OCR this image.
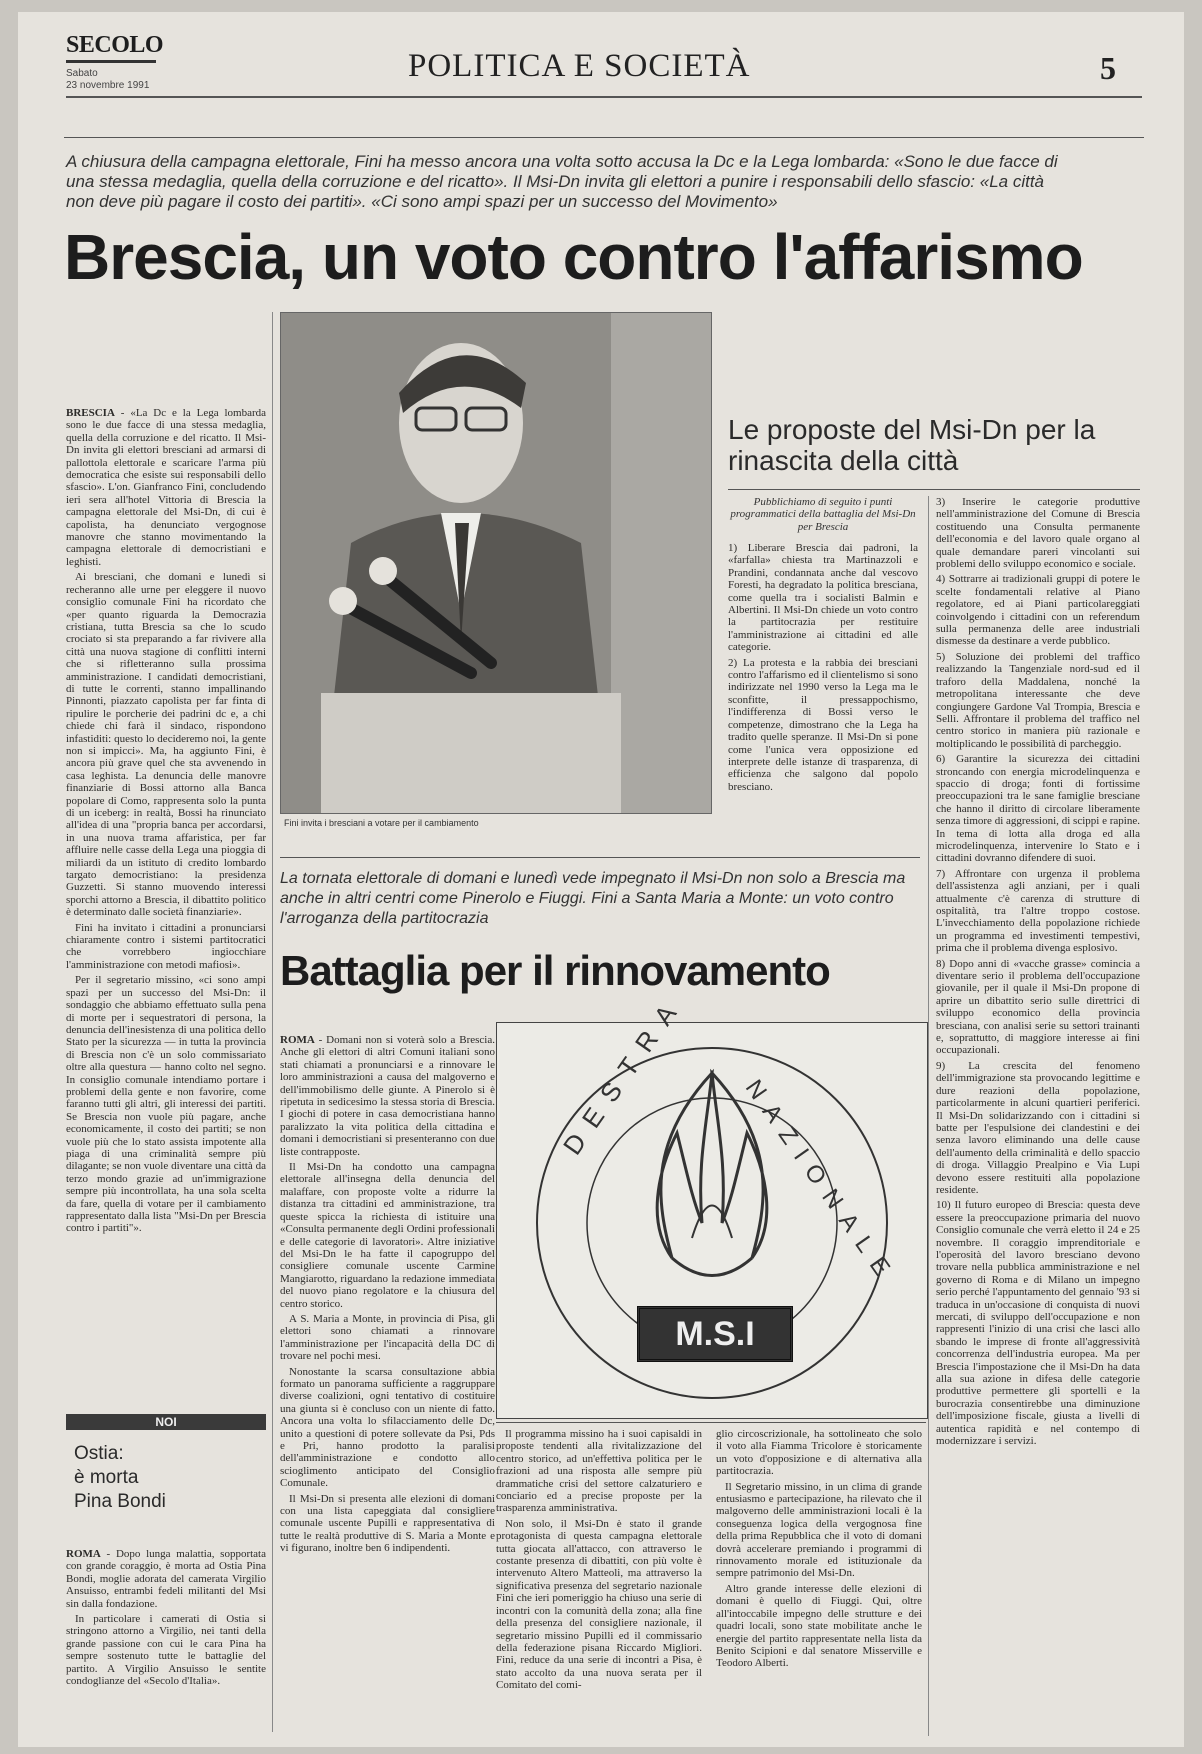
SECOLO
Sabato
23 novembre 1991
POLITICA E SOCIETÀ	5
A chiusura della campagna elettorale, Fini ha messo ancora una volta sotto accusa la Dc e la Lega lombarda: «Sono le due facce di una stessa medaglia, quella della corruzione e del ricatto». Il Msi-Dn invita gli elettori a punire i responsabili dello sfascio: «La città non deve più pagare il costo dei partiti». «Ci sono ampi spazi per un successo del Movimento»
Brescia, un voto contro l'affarismo

BRESCIA - «La Dc e la Lega lombarda sono le due facce di una stessa medaglia, quella della corruzione e del ricatto. Il Msi-Dn invita gli elettori bresciani ad armarsi di pallottola elettorale e scaricare l'arma più democratica che esiste sui responsabili dello sfascio». L'on. Gianfranco Fini, concludendo ieri sera all'hotel Vittoria di Brescia la campagna elettorale del Msi-Dn, di cui è capolista, ha denunciato vergognose manovre che stanno movimentando la campagna elettorale di democristiani e leghisti.

Ai bresciani, che domani e lunedì si recheranno alle urne per eleggere il nuovo consiglio comunale Fini ha ricordato che «per quanto riguarda la Democrazia cristiana, tutta Brescia sa che lo scudo crociato si sta preparando a far rivivere alla città una nuova stagione di conflitti interni che si rifletteranno sulla prossima amministrazione. I candidati democristiani, di tutte le correnti, stanno impallinando Pinnonti, piazzato capolista per far finta di ripulire le porcherie dei padrini dc e, a chi chiede chi farà il sindaco, rispondono infastiditi: questo lo decideremo noi, la gente non si impicci». Ma, ha aggiunto Fini, è ancora più grave quel che sta avvenendo in casa leghista. La denuncia delle manovre finanziarie di Bossi attorno alla Banca popolare di Como, rappresenta solo la punta di un iceberg: in realtà, Bossi ha rinunciato all'idea di una "propria banca per accordarsi, in una nuova trama affaristica, per far affluire nelle casse della Lega una pioggia di miliardi da un istituto di credito lombardo targato democristiano: la presidenza Guzzetti. Si stanno muovendo interessi sporchi attorno a Brescia, il dibattito politico è determinato dalle società finanziarie».

Fini ha invitato i cittadini a pronunciarsi chiaramente contro i sistemi partitocratici che vorrebbero ingiocchiare l'amministrazione con metodi mafiosi».

Per il segretario missino, «ci sono ampi spazi per un successo del Msi-Dn: il sondaggio che abbiamo effettuato sulla pena di morte per i sequestratori di persona, la denuncia dell'inesistenza di una politica dello Stato per la sicurezza — in tutta la provincia di Brescia non c'è un solo commissariato oltre alla questura — hanno colto nel segno. In consiglio comunale intendiamo portare i problemi della gente e non favorire, come faranno tutti gli altri, gli interessi dei partiti. Se Brescia non vuole più pagare, anche economicamente, il costo dei partiti; se non vuole più che lo stato assista impotente alla piaga di una criminalità sempre più dilagante; se non vuole diventare una città da terzo mondo grazie ad un'immigrazione sempre più incontrollata, ha una sola scelta da fare, quella di votare per il cambiamento rappresentato dalla lista "Msi-Dn per Brescia contro i partiti"».

Fini invita i bresciani a votare per il cambiamento
Le proposte del Msi-Dn per la rinascita della città
Pubblichiamo di seguito i punti programmatici della battaglia del Msi-Dn per Brescia

1) Liberare Brescia dai padroni, la «farfalla» chiesta tra Martinazzoli e Prandini, condannata anche dal vescovo Foresti, ha degradato la politica bresciana, come quella tra i socialisti Balmin e Albertini. Il Msi-Dn chiede un voto contro la partitocrazia per restituire l'amministrazione ai cittadini ed alle categorie.

2) La protesta e la rabbia dei bresciani contro l'affarismo ed il clientelismo si sono indirizzate nel 1990 verso la Lega ma le sconfitte, il pressappochismo, l'indifferenza di Bossi verso le competenze, dimostrano che la Lega ha tradito quelle speranze. Il Msi-Dn si pone come l'unica vera opposizione ed interprete delle istanze di trasparenza, di efficienza che salgono dal popolo bresciano.

3) Inserire le categorie produttive nell'amministrazione del Comune di Brescia costituendo una Consulta permanente dell'economia e del lavoro quale organo al quale demandare pareri vincolanti sui problemi dello sviluppo economico e sociale.

4) Sottrarre ai tradizionali gruppi di potere le scelte fondamentali relative al Piano regolatore, ed ai Piani particolareggiati coinvolgendo i cittadini con un referendum sulla permanenza delle aree industriali dismesse da destinare a verde pubblico.

5) Soluzione dei problemi del traffico realizzando la Tangenziale nord-sud ed il traforo della Maddalena, nonché la metropolitana interessante che deve congiungere Gardone Val Trompia, Brescia e Sellì. Affrontare il problema del traffico nel centro storico in maniera più razionale e moltiplicando le possibilità di parcheggio.

6) Garantire la sicurezza dei cittadini stroncando con energia microdelinquenza e spaccio di droga; fonti di fortissime preoccupazioni tra le sane famiglie bresciane che hanno il diritto di circolare liberamente senza timore di aggressioni, di scippi e rapine. In tema di lotta alla droga ed alla microdelinquenza, intervenire lo Stato e i cittadini dovranno difendere di suoi.

7) Affrontare con urgenza il problema dell'assistenza agli anziani, per i quali attualmente c'è carenza di strutture di ospitalità, tra l'altre troppo costose. L'invecchiamento della popolazione richiede un programma ed investimenti tempestivi, prima che il problema divenga esplosivo.

8) Dopo anni di «vacche grasse» comincia a diventare serio il problema dell'occupazione giovanile, per il quale il Msi-Dn propone di aprire un dibattito serio sulle direttrici di sviluppo economico della provincia bresciana, con analisi serie su settori trainanti e, soprattutto, di maggiore interesse ai fini occupazionali.

9) La crescita del fenomeno dell'immigrazione sta provocando legittime e dure reazioni della popolazione, particolarmente in alcuni quartieri periferici. Il Msi-Dn solidarizzando con i cittadini si batte per l'espulsione dei clandestini e dei senza lavoro eliminando una delle cause dell'aumento della criminalità e dello spaccio di droga. Villaggio Prealpino e Via Lupi devono essere restituiti alla popolazione residente.

10) Il futuro europeo di Brescia: questa deve essere la preoccupazione primaria del nuovo Consiglio comunale che verrà eletto il 24 e 25 novembre. Il coraggio imprenditoriale e l'operosità del lavoro bresciano devono trovare nella pubblica amministrazione e nel governo di Roma e di Milano un impegno serio perché l'appuntamento del gennaio '93 si traduca in un'occasione di conquista di nuovi mercati, di sviluppo dell'occupazione e non rappresenti l'inizio di una crisi che lasci allo sbando le imprese di fronte all'aggressività concorrenza dell'industria europea. Ma per Brescia l'impostazione che il Msi-Dn ha data alla sua azione in difesa delle categorie produttive permettere gli sportelli e la burocrazia consentirebbe una diminuzione dell'imposizione fiscale, giusta a livelli di autentica rapidità e nel contempo di modernizzare i servizi.

La tornata elettorale di domani e lunedì vede impegnato il Msi-Dn non solo a Brescia ma anche in altri centri come Pinerolo e Fiuggi. Fini a Santa Maria a Monte: un voto contro l'arroganza della partitocrazia
Battaglia per il rinnovamento

ROMA - Domani non si voterà solo a Brescia. Anche gli elettori di altri Comuni italiani sono stati chiamati a pronunciarsi e a rinnovare le loro amministrazioni a causa del malgoverno e dell'immobilismo delle giunte. A Pinerolo si è ripetuta in sedicesimo la stessa storia di Brescia. I giochi di potere in casa democristiana hanno paralizzato la vita politica della cittadina e domani i democristiani si presenteranno con due liste contrapposte.

Il Msi-Dn ha condotto una campagna elettorale all'insegna della denuncia del malaffare, con proposte volte a ridurre la distanza tra cittadini ed amministrazione, tra queste spicca la richiesta di istituire una «Consulta permanente degli Ordini professionali e delle categorie di lavoratori». Altre iniziative del Msi-Dn le ha fatte il capogruppo del consigliere comunale uscente Carmine Mangiarotto, riguardano la redazione immediata del nuovo piano regolatore e la chiusura del centro storico.

A S. Maria a Monte, in provincia di Pisa, gli elettori sono chiamati a rinnovare l'amministrazione per l'incapacità della DC di trovare nel pochi mesi.

Nonostante la scarsa consultazione abbia formato un panorama sufficiente a raggruppare diverse coalizioni, ogni tentativo di costituire una giunta si è concluso con un niente di fatto. Ancora una volta lo sfilacciamento delle Dc, unito a questioni di potere sollevate da Psi, Pds e Pri, hanno prodotto la paralisi dell'amministrazione e condotto allo scioglimento anticipato del Consiglio Comunale.

Il Msi-Dn si presenta alle elezioni di domani con una lista capeggiata dal consigliere comunale uscente Pupilli e rappresentativa di tutte le realtà produttive di S. Maria a Monte e vi figurano, inoltre ben 6 indipendenti.

DESTRA
NAZIONALE
M.S.I

Il programma missino ha i suoi capisaldi in proposte tendenti alla rivitalizzazione del centro storico, ad un'effettiva politica per le frazioni ad una risposta alle sempre più drammatiche crisi del settore calzaturiero e conciario ed a precise proposte per la trasparenza amministrativa.

Non solo, il Msi-Dn è stato il grande protagonista di questa campagna elettorale tutta giocata all'attacco, con attraverso le costante presenza di dibattiti, con più volte è intervenuto Altero Matteoli, ma attraverso la significativa presenza del segretario nazionale Fini che ieri pomeriggio ha chiuso una serie di incontri con la comunità della zona; alla fine della presenza del consigliere nazionale, il segretario missino Pupilli ed il commissario della federazione pisana Riccardo Migliori. Fini, reduce da una serie di incontri a Pisa, è stato accolto da una nuova serata per il Comitato del comi-

glio circoscrizionale, ha sottolineato che solo il voto alla Fiamma Tricolore è storicamente un voto d'opposizione e di alternativa alla partitocrazia.

Il Segretario missino, in un clima di grande entusiasmo e partecipazione, ha rilevato che il malgoverno delle amministrazioni locali è la conseguenza logica della vergognosa fine della prima Repubblica che il voto di domani dovrà accelerare premiando i programmi di rinnovamento morale ed istituzionale da sempre patrimonio del Msi-Dn.

Altro grande interesse delle elezioni di domani è quello di Fiuggi. Qui, oltre all'intoccabile impegno delle strutture e dei quadri locali, sono state mobilitate anche le energie del partito rappresentate nella lista da Benito Scipioni e dal senatore Misserville e Teodoro Alberti.

NOI
Ostia:
è morta
Pina Bondi

ROMA - Dopo lunga malattia, sopportata con grande coraggio, è morta ad Ostia Pina Bondi, moglie adorata del camerata Virgilio Ansuisso, entrambi fedeli militanti del Msi sin dalla fondazione.

In particolare i camerati di Ostia si stringono attorno a Virgilio, nei tanti della grande passione con cui le cara Pina ha sempre sostenuto tutte le battaglie del partito. A Virgilio Ansuisso le sentite condoglianze del «Secolo d'Italia».
